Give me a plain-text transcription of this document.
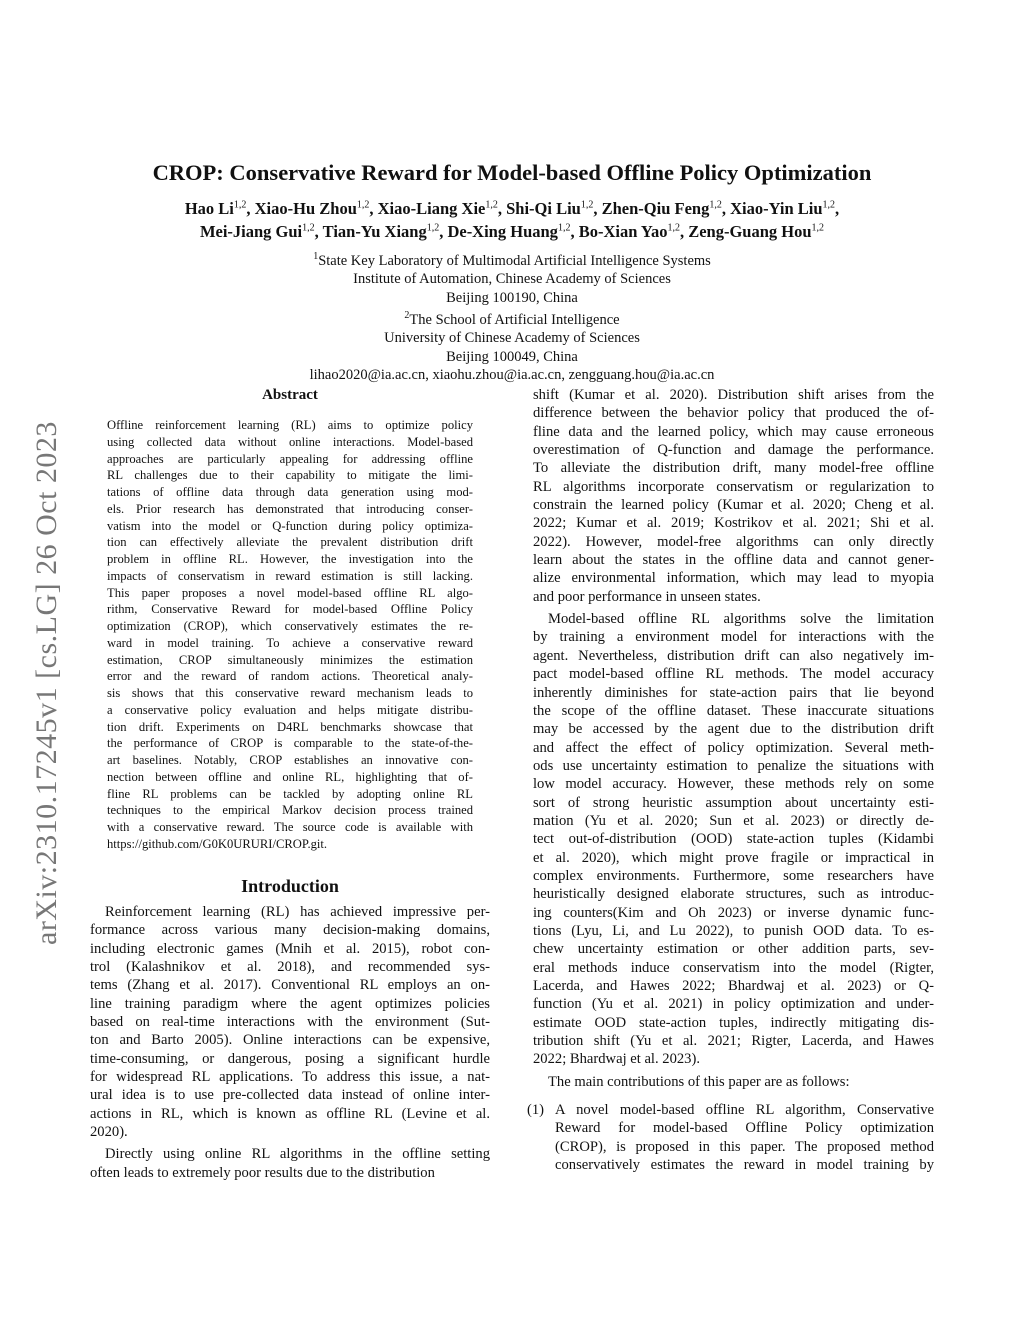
arXiv:2310.17245v1 [cs.LG] 26 Oct 2023
CROP: Conservative Reward for Model-based Offline Policy Optimization
Hao Li$^{1,2}$, Xiao-Hu Zhou$^{1,2}$, Xiao-Liang Xie$^{1,2}$, Shi-Qi Liu$^{1,2}$, Zhen-Qiu Feng$^{1,2}$, Xiao-Yin Liu$^{1,2}$,
Mei-Jiang Gui$^{1,2}$, Tian-Yu Xiang$^{1,2}$, De-Xing Huang$^{1,2}$, Bo-Xian Yao$^{1,2}$, Zeng-Guang Hou$^{1,2}$
$^1$State Key Laboratory of Multimodal Artificial Intelligence Systems
Institute of Automation, Chinese Academy of Sciences
Beijing 100190, China
$^2$The School of Artificial Intelligence
University of Chinese Academy of Sciences
Beijing 100049, China
lihao2020@ia.ac.cn, xiaohu.zhou@ia.ac.cn, zengguang.hou@ia.ac.cn
Abstract
Offline reinforcement learning (RL) aims to optimize policy
using collected data without online interactions. Model-based
approaches are particularly appealing for addressing offline
RL challenges due to their capability to mitigate the limi-
tations of offline data through data generation using mod-
els. Prior research has demonstrated that introducing conser-
vatism into the model or Q-function during policy optimiza-
tion can effectively alleviate the prevalent distribution drift
problem in offline RL. However, the investigation into the
impacts of conservatism in reward estimation is still lacking.
This paper proposes a novel model-based offline RL algo-
rithm, Conservative Reward for model-based Offline Policy
optimization (CROP), which conservatively estimates the re-
ward in model training. To achieve a conservative reward
estimation, CROP simultaneously minimizes the estimation
error and the reward of random actions. Theoretical analy-
sis shows that this conservative reward mechanism leads to
a conservative policy evaluation and helps mitigate distribu-
tion drift. Experiments on D4RL benchmarks showcase that
the performance of CROP is comparable to the state-of-the-
art baselines. Notably, CROP establishes an innovative con-
nection between offline and online RL, highlighting that of-
fline RL problems can be tackled by adopting online RL
techniques to the empirical Markov decision process trained
with a conservative reward. The source code is available with
https://github.com/G0K0URURI/CROP.git.
Introduction
Reinforcement learning (RL) has achieved impressive per-
formance across various many decision-making domains,
including electronic games (Mnih et al. 2015), robot con-
trol (Kalashnikov et al. 2018), and recommended sys-
tems (Zhang et al. 2017). Conventional RL employs an on-
line training paradigm where the agent optimizes policies
based on real-time interactions with the environment (Sut-
ton and Barto 2005). Online interactions can be expensive,
time-consuming, or dangerous, posing a significant hurdle
for widespread RL applications. To address this issue, a nat-
ural idea is to use pre-collected data instead of online inter-
actions in RL, which is known as offline RL (Levine et al.
2020).
Directly using online RL algorithms in the offline setting
often leads to extremely poor results due to the distribution
shift (Kumar et al. 2020). Distribution shift arises from the
difference between the behavior policy that produced the of-
fline data and the learned policy, which may cause erroneous
overestimation of Q-function and damage the performance.
To alleviate the distribution drift, many model-free offline
RL algorithms incorporate conservatism or regularization to
constrain the learned policy (Kumar et al. 2020; Cheng et al.
2022; Kumar et al. 2019; Kostrikov et al. 2021; Shi et al.
2022). However, model-free algorithms can only directly
learn about the states in the offline data and cannot gener-
alize environmental information, which may lead to myopia
and poor performance in unseen states.
Model-based offline RL algorithms solve the limitation
by training a environment model for interactions with the
agent. Nevertheless, distribution drift can also negatively im-
pact model-based offline RL methods. The model accuracy
inherently diminishes for state-action pairs that lie beyond
the scope of the offline dataset. These inaccurate situations
may be accessed by the agent due to the distribution drift
and affect the effect of policy optimization. Several meth-
ods use uncertainty estimation to penalize the situations with
low model accuracy. However, these methods rely on some
sort of strong heuristic assumption about uncertainty esti-
mation (Yu et al. 2020; Sun et al. 2023) or directly de-
tect out-of-distribution (OOD) state-action tuples (Kidambi
et al. 2020), which might prove fragile or impractical in
complex environments. Furthermore, some researchers have
heuristically designed elaborate structures, such as introduc-
ing counters(Kim and Oh 2023) or inverse dynamic func-
tions (Lyu, Li, and Lu 2022), to punish OOD data. To es-
chew uncertainty estimation or other addition parts, sev-
eral methods induce conservatism into the model (Rigter,
Lacerda, and Hawes 2022; Bhardwaj et al. 2023) or Q-
function (Yu et al. 2021) in policy optimization and under-
estimate OOD state-action tuples, indirectly mitigating dis-
tribution shift (Yu et al. 2021; Rigter, Lacerda, and Hawes
2022; Bhardwaj et al. 2023).
The main contributions of this paper are as follows:
(1) A novel model-based offline RL algorithm, Conservative
Reward for model-based Offline Policy optimization
(CROP), is proposed in this paper. The proposed method
conservatively estimates the reward in model training by
